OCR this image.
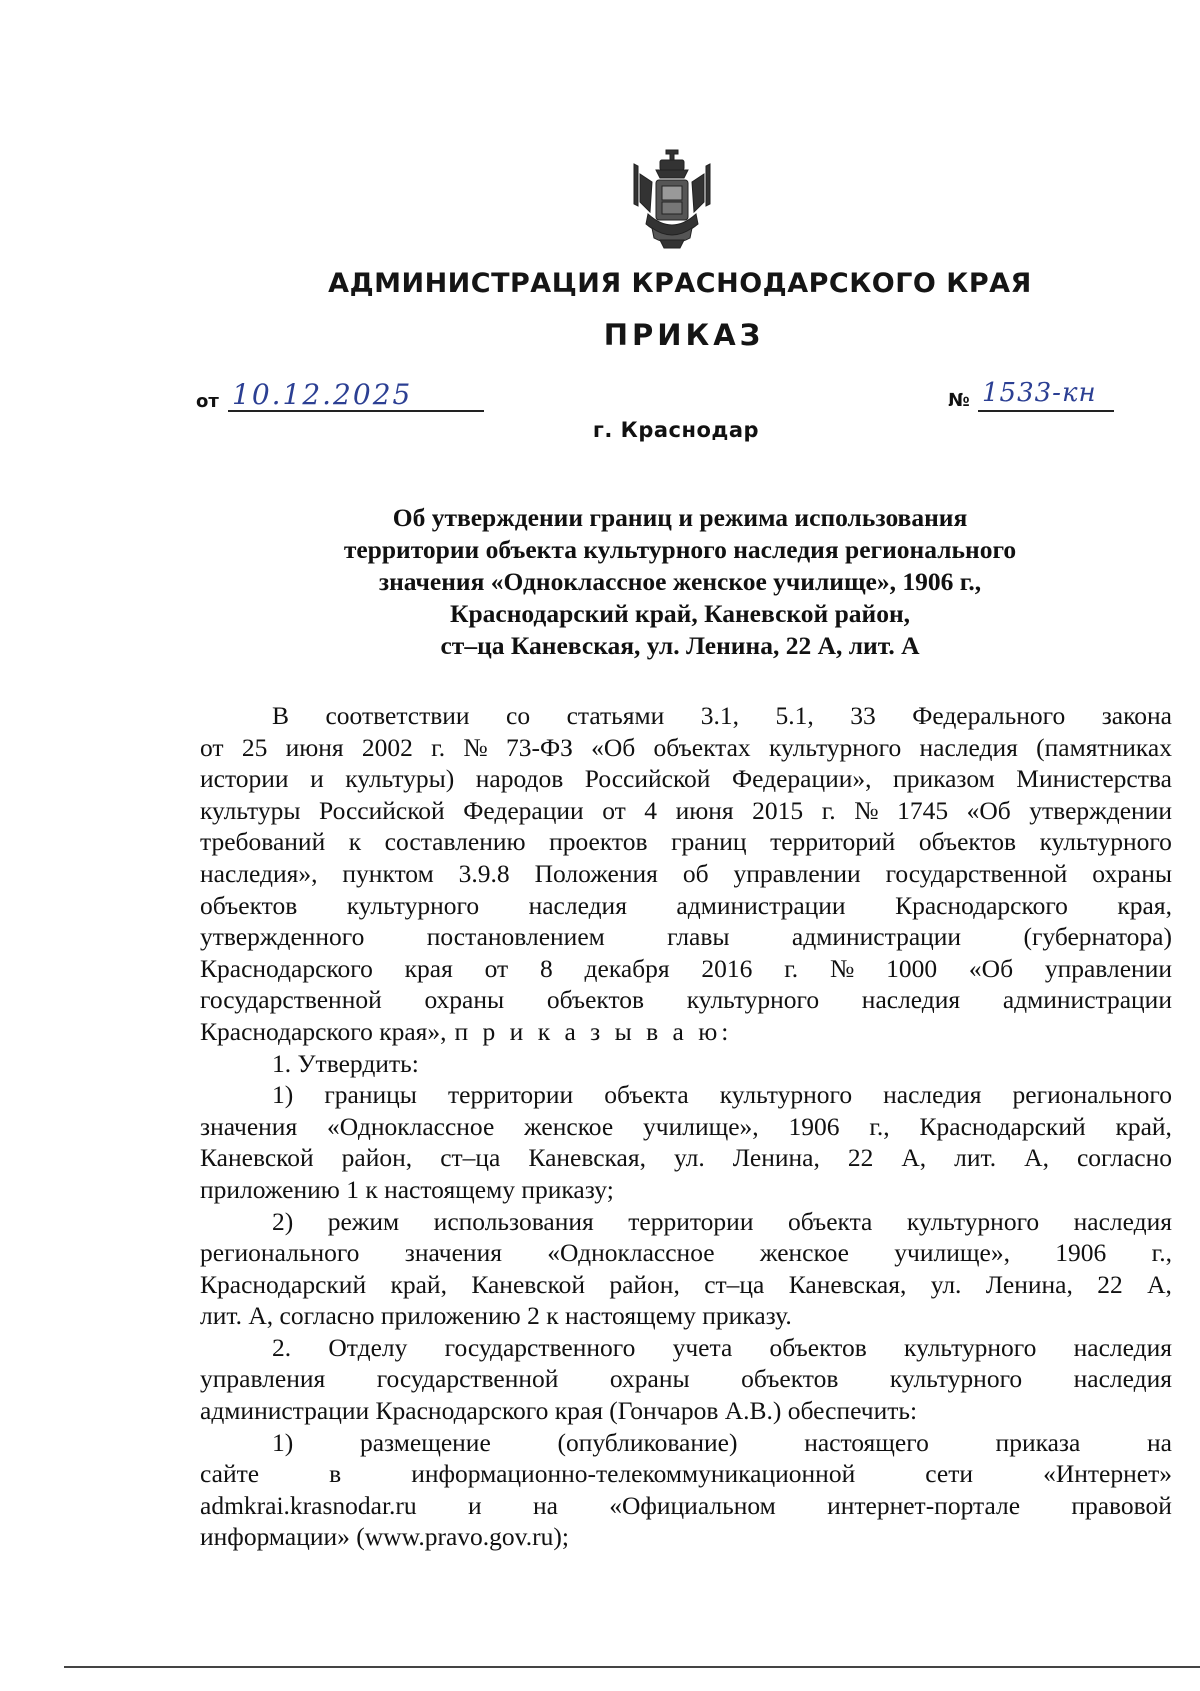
АДМИНИСТРАЦИЯ КРАСНОДАРСКОГО КРАЯ
ПРИКАЗ
от 10.12.2025	№ 1533-кн
г. Краснодар
Об утверждении границ и режима использования
территории объекта культурного наследия регионального
значения «Одноклассное женское училище», 1906 г.,
Краснодарский край, Каневской район,
ст–ца Каневская, ул. Ленина, 22 А, лит. А
В соответствии со статьями 3.1, 5.1, 33 Федерального закона
от 25 июня 2002 г. № 73-ФЗ «Об объектах культурного наследия (памятниках
истории и культуры) народов Российской Федерации», приказом Министерства
культуры Российской Федерации от 4 июня 2015 г. № 1745 «Об утверждении
требований к составлению проектов границ территорий объектов культурного
наследия», пунктом 3.9.8 Положения об управлении государственной охраны
объектов культурного наследия администрации Краснодарского края,
утвержденного постановлением главы администрации (губернатора)
Краснодарского края от 8 декабря 2016 г. № 1000 «Об управлении
государственной охраны объектов культурного наследия администрации
Краснодарского края», п р и к а з ы в а ю:
1. Утвердить:
1) границы территории объекта культурного наследия регионального
значения «Одноклассное женское училище», 1906 г., Краснодарский край,
Каневской район, ст–ца Каневская, ул. Ленина, 22 А, лит. А, согласно
приложению 1 к настоящему приказу;
2) режим использования территории объекта культурного наследия
регионального значения «Одноклассное женское училище», 1906 г.,
Краснодарский край, Каневской район, ст–ца Каневская, ул. Ленина, 22 А,
лит. А, согласно приложению 2 к настоящему приказу.
2. Отделу государственного учета объектов культурного наследия
управления государственной охраны объектов культурного наследия
администрации Краснодарского края (Гончаров А.В.) обеспечить:
1)	размещение	(опубликование)	настоящего	приказа	на
сайте	в	информационно-телекоммуникационной	сети	«Интернет»
admkrai.krasnodar.ru и на «Официальном интернет-портале правовой
информации» (www.pravo.gov.ru);
